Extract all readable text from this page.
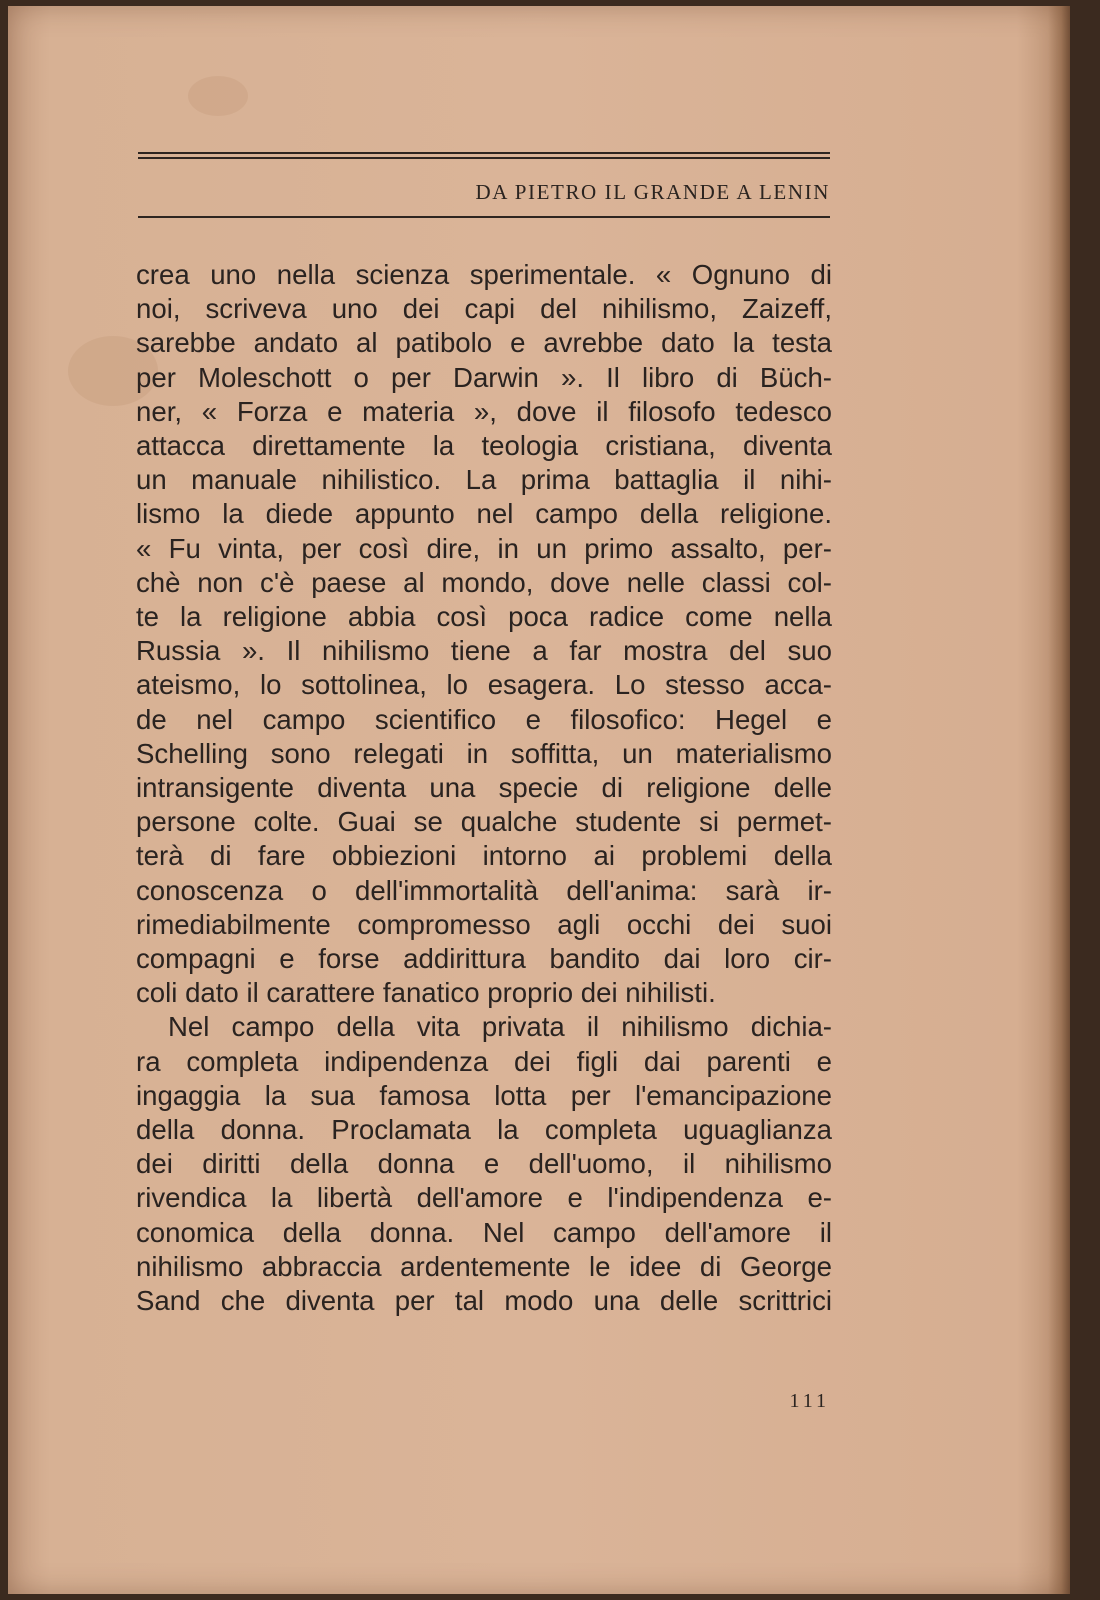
DA PIETRO IL GRANDE A LENIN
crea uno nella scienza sperimentale. « Ognuno di
noi, scriveva uno dei capi del nihilismo, Zaizeff,
sarebbe andato al patibolo e avrebbe dato la testa
per Moleschott o per Darwin ». Il libro di Büch-
ner, « Forza e materia », dove il filosofo tedesco
attacca direttamente la teologia cristiana, diventa
un manuale nihilistico. La prima battaglia il nihi-
lismo la diede appunto nel campo della religione.
« Fu vinta, per così dire, in un primo assalto, per-
chè non c'è paese al mondo, dove nelle classi col-
te la religione abbia così poca radice come nella
Russia ». Il nihilismo tiene a far mostra del suo
ateismo, lo sottolinea, lo esagera. Lo stesso acca-
de nel campo scientifico e filosofico: Hegel e
Schelling sono relegati in soffitta, un materialismo
intransigente diventa una specie di religione delle
persone colte. Guai se qualche studente si permet-
terà di fare obbiezioni intorno ai problemi della
conoscenza o dell'immortalità dell'anima: sarà ir-
rimediabilmente compromesso agli occhi dei suoi
compagni e forse addirittura bandito dai loro cir-
coli dato il carattere fanatico proprio dei nihilisti.
Nel campo della vita privata il nihilismo dichia-
ra completa indipendenza dei figli dai parenti e
ingaggia la sua famosa lotta per l'emancipazione
della donna. Proclamata la completa uguaglianza
dei diritti della donna e dell'uomo, il nihilismo
rivendica la libertà dell'amore e l'indipendenza e-
conomica della donna. Nel campo dell'amore il
nihilismo abbraccia ardentemente le idee di George
Sand che diventa per tal modo una delle scrittrici
111
